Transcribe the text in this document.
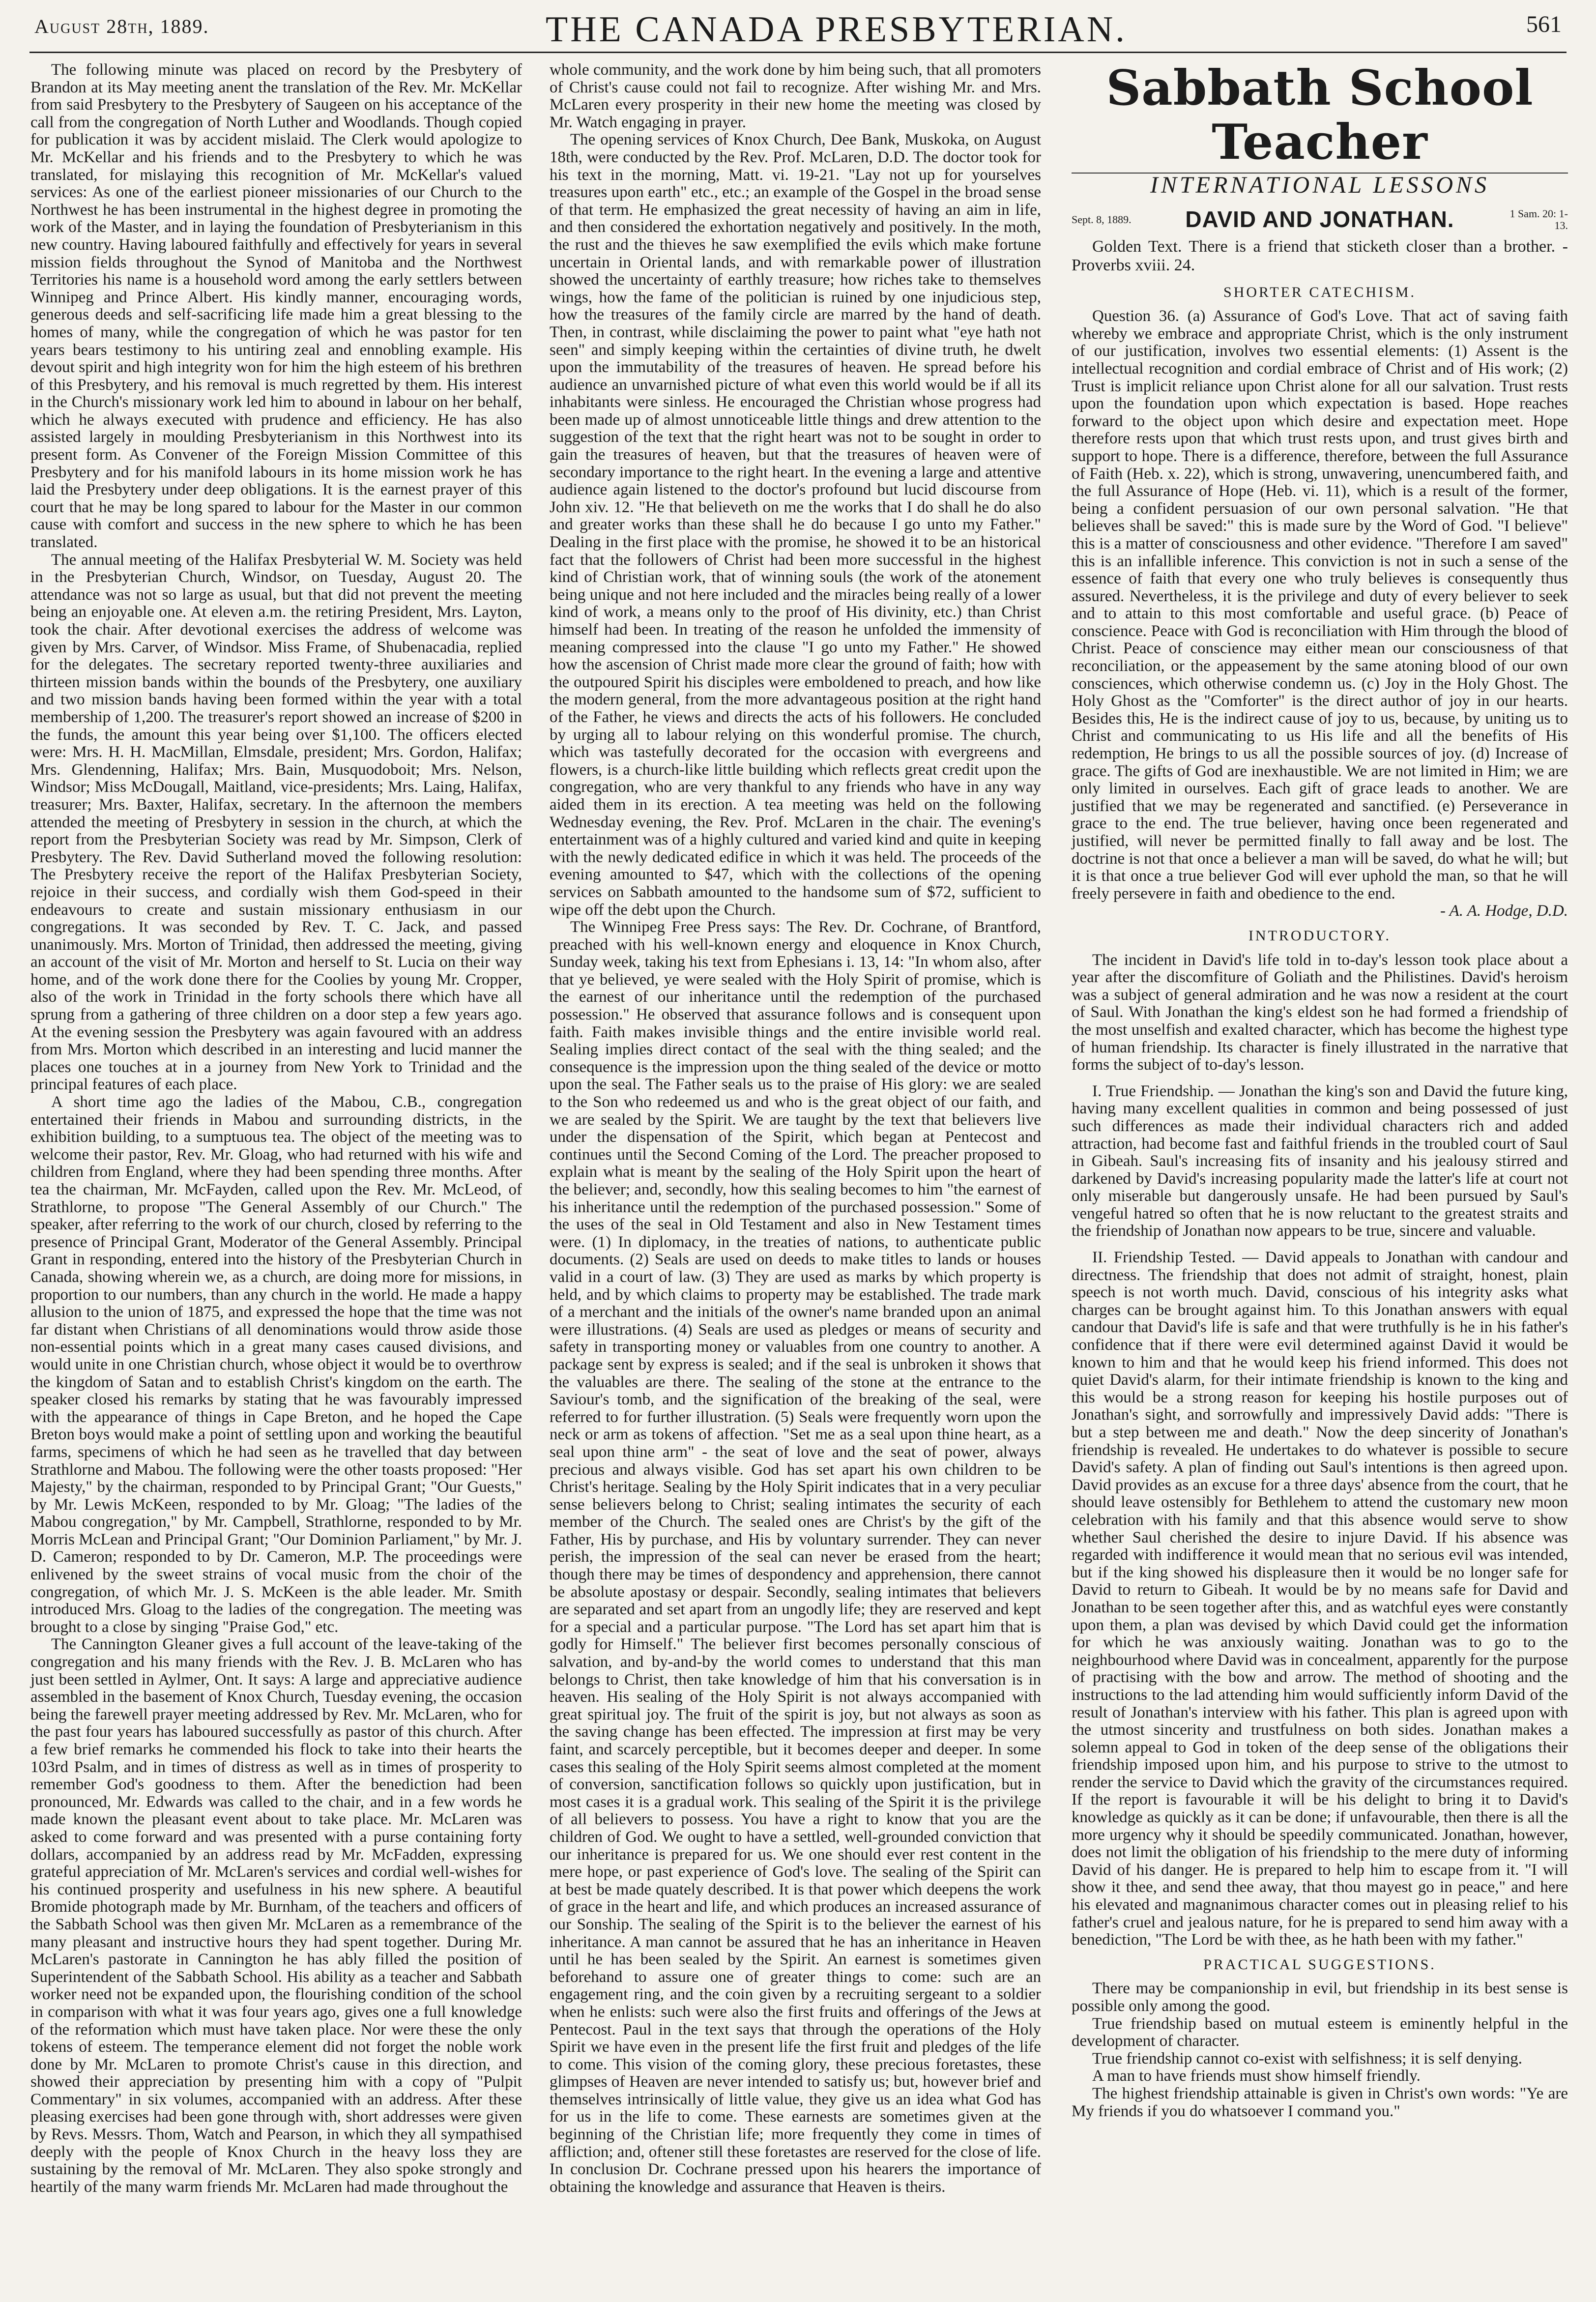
August 28th, 1889.	THE CANADA PRESBYTERIAN.	561

The following minute was placed on record by the Presbytery of Brandon at its May meeting anent the translation of the Rev. Mr. McKellar from said Presbytery to the Presbytery of Saugeen on his acceptance of the call from the congregation of North Luther and Woodlands. Though copied for publication it was by accident mislaid. The Clerk would apologize to Mr. McKellar and his friends and to the Presbytery to which he was translated, for mislaying this recognition of Mr. McKellar's valued services: As one of the earliest pioneer missionaries of our Church to the Northwest he has been instrumental in the highest degree in promoting the work of the Master, and in laying the foundation of Presbyterianism in this new country. Having laboured faithfully and effectively for years in several mission fields throughout the Synod of Manitoba and the Northwest Territories his name is a household word among the early settlers between Winnipeg and Prince Albert. His kindly manner, encouraging words, generous deeds and self-sacrificing life made him a great blessing to the homes of many, while the congregation of which he was pastor for ten years bears testimony to his untiring zeal and ennobling example. His devout spirit and high integrity won for him the high esteem of his brethren of this Presbytery, and his removal is much regretted by them. His interest in the Church's missionary work led him to abound in labour on her behalf, which he always executed with prudence and efficiency. He has also assisted largely in moulding Presbyterianism in this Northwest into its present form. As Convener of the Foreign Mission Committee of this Presbytery and for his manifold labours in its home mission work he has laid the Presbytery under deep obligations. It is the earnest prayer of this court that he may be long spared to labour for the Master in our common cause with comfort and success in the new sphere to which he has been translated.

The annual meeting of the Halifax Presbyterial W. M. Society was held in the Presbyterian Church, Windsor, on Tuesday, August 20. The attendance was not so large as usual, but that did not prevent the meeting being an enjoyable one. At eleven a.m. the retiring President, Mrs. Layton, took the chair. After devotional exercises the address of welcome was given by Mrs. Carver, of Windsor. Miss Frame, of Shubenacadia, replied for the delegates. The secretary reported twenty-three auxiliaries and thirteen mission bands within the bounds of the Presbytery, one auxiliary and two mission bands having been formed within the year with a total membership of 1,200. The treasurer's report showed an increase of $200 in the funds, the amount this year being over $1,100. The officers elected were: Mrs. H. H. MacMillan, Elmsdale, president; Mrs. Gordon, Halifax; Mrs. Glendenning, Halifax; Mrs. Bain, Musquodoboit; Mrs. Nelson, Windsor; Miss McDougall, Maitland, vice-presidents; Mrs. Laing, Halifax, treasurer; Mrs. Baxter, Halifax, secretary. In the afternoon the members attended the meeting of Presbytery in session in the church, at which the report from the Presbyterian Society was read by Mr. Simpson, Clerk of Presbytery. The Rev. David Sutherland moved the following resolution: The Presbytery receive the report of the Halifax Presbyterian Society, rejoice in their success, and cordially wish them God-speed in their endeavours to create and sustain missionary enthusiasm in our congregations. It was seconded by Rev. T. C. Jack, and passed unanimously. Mrs. Morton of Trinidad, then addressed the meeting, giving an account of the visit of Mr. Morton and herself to St. Lucia on their way home, and of the work done there for the Coolies by young Mr. Cropper, also of the work in Trinidad in the forty schools there which have all sprung from a gathering of three children on a door step a few years ago. At the evening session the Presbytery was again favoured with an address from Mrs. Morton which described in an interesting and lucid manner the places one touches at in a journey from New York to Trinidad and the principal features of each place.

A short time ago the ladies of the Mabou, C.B., congregation entertained their friends in Mabou and surrounding districts, in the exhibition building, to a sumptuous tea. The object of the meeting was to welcome their pastor, Rev. Mr. Gloag, who had returned with his wife and children from England, where they had been spending three months. After tea the chairman, Mr. McFayden, called upon the Rev. Mr. McLeod, of Strathlorne, to propose "The General Assembly of our Church." The speaker, after referring to the work of our church, closed by referring to the presence of Principal Grant, Moderator of the General Assembly. Principal Grant in responding, entered into the history of the Presbyterian Church in Canada, showing wherein we, as a church, are doing more for missions, in proportion to our numbers, than any church in the world. He made a happy allusion to the union of 1875, and expressed the hope that the time was not far distant when Christians of all denominations would throw aside those non-essential points which in a great many cases caused divisions, and would unite in one Christian church, whose object it would be to overthrow the kingdom of Satan and to establish Christ's kingdom on the earth. The speaker closed his remarks by stating that he was favourably impressed with the appearance of things in Cape Breton, and he hoped the Cape Breton boys would make a point of settling upon and working the beautiful farms, specimens of which he had seen as he travelled that day between Strathlorne and Mabou. The following were the other toasts proposed: "Her Majesty," by the chairman, responded to by Principal Grant; "Our Guests," by Mr. Lewis McKeen, responded to by Mr. Gloag; "The ladies of the Mabou congregation," by Mr. Campbell, Strathlorne, responded to by Mr. Morris McLean and Principal Grant; "Our Dominion Parliament," by Mr. J. D. Cameron; responded to by Dr. Cameron, M.P. The proceedings were enlivened by the sweet strains of vocal music from the choir of the congregation, of which Mr. J. S. McKeen is the able leader. Mr. Smith introduced Mrs. Gloag to the ladies of the congregation. The meeting was brought to a close by singing "Praise God," etc.

The Cannington Gleaner gives a full account of the leave-taking of the congregation and his many friends with the Rev. J. B. McLaren who has just been settled in Aylmer, Ont. It says: A large and appreciative audience assembled in the basement of Knox Church, Tuesday evening, the occasion being the farewell prayer meeting addressed by Rev. Mr. McLaren, who for the past four years has laboured successfully as pastor of this church. After a few brief remarks he commended his flock to take into their hearts the 103rd Psalm, and in times of distress as well as in times of prosperity to remember God's goodness to them. After the benediction had been pronounced, Mr. Edwards was called to the chair, and in a few words he made known the pleasant event about to take place. Mr. McLaren was asked to come forward and was presented with a purse containing forty dollars, accompanied by an address read by Mr. McFadden, expressing grateful appreciation of Mr. McLaren's services and cordial well-wishes for his continued prosperity and usefulness in his new sphere. A beautiful Bromide photograph made by Mr. Burnham, of the teachers and officers of the Sabbath School was then given Mr. McLaren as a remembrance of the many pleasant and instructive hours they had spent together. During Mr. McLaren's pastorate in Cannington he has ably filled the position of Superintendent of the Sabbath School. His ability as a teacher and Sabbath worker need not be expanded upon, the flourishing condition of the school in comparison with what it was four years ago, gives one a full knowledge of the reformation which must have taken place. Nor were these the only tokens of esteem. The temperance element did not forget the noble work done by Mr. McLaren to promote Christ's cause in this direction, and showed their appreciation by presenting him with a copy of "Pulpit Commentary" in six volumes, accompanied with an address. After these pleasing exercises had been gone through with, short addresses were given by Revs. Messrs. Thom, Watch and Pearson, in which they all sympathised deeply with the people of Knox Church in the heavy loss they are sustaining by the removal of Mr. McLaren. They also spoke strongly and heartily of the many warm friends Mr. McLaren had made throughout the

whole community, and the work done by him being such, that all promoters of Christ's cause could not fail to recognize. After wishing Mr. and Mrs. McLaren every prosperity in their new home the meeting was closed by Mr. Watch engaging in prayer.

The opening services of Knox Church, Dee Bank, Muskoka, on August 18th, were conducted by the Rev. Prof. McLaren, D.D. The doctor took for his text in the morning, Matt. vi. 19-21. "Lay not up for yourselves treasures upon earth" etc., etc.; an example of the Gospel in the broad sense of that term. He emphasized the great necessity of having an aim in life, and then considered the exhortation negatively and positively. In the moth, the rust and the thieves he saw exemplified the evils which make fortune uncertain in Oriental lands, and with remarkable power of illustration showed the uncertainty of earthly treasure; how riches take to themselves wings, how the fame of the politician is ruined by one injudicious step, how the treasures of the family circle are marred by the hand of death. Then, in contrast, while disclaiming the power to paint what "eye hath not seen" and simply keeping within the certainties of divine truth, he dwelt upon the immutability of the treasures of heaven. He spread before his audience an unvarnished picture of what even this world would be if all its inhabitants were sinless. He encouraged the Christian whose progress had been made up of almost unnoticeable little things and drew attention to the suggestion of the text that the right heart was not to be sought in order to gain the treasures of heaven, but that the treasures of heaven were of secondary importance to the right heart. In the evening a large and attentive audience again listened to the doctor's profound but lucid discourse from John xiv. 12. "He that believeth on me the works that I do shall he do also and greater works than these shall he do because I go unto my Father." Dealing in the first place with the promise, he showed it to be an historical fact that the followers of Christ had been more successful in the highest kind of Christian work, that of winning souls (the work of the atonement being unique and not here included and the miracles being really of a lower kind of work, a means only to the proof of His divinity, etc.) than Christ himself had been. In treating of the reason he unfolded the immensity of meaning compressed into the clause "I go unto my Father." He showed how the ascension of Christ made more clear the ground of faith; how with the outpoured Spirit his disciples were emboldened to preach, and how like the modern general, from the more advantageous position at the right hand of the Father, he views and directs the acts of his followers. He concluded by urging all to labour relying on this wonderful promise. The church, which was tastefully decorated for the occasion with evergreens and flowers, is a church-like little building which reflects great credit upon the congregation, who are very thankful to any friends who have in any way aided them in its erection. A tea meeting was held on the following Wednesday evening, the Rev. Prof. McLaren in the chair. The evening's entertainment was of a highly cultured and varied kind and quite in keeping with the newly dedicated edifice in which it was held. The proceeds of the evening amounted to $47, which with the collections of the opening services on Sabbath amounted to the handsome sum of $72, sufficient to wipe off the debt upon the Church.

The Winnipeg Free Press says: The Rev. Dr. Cochrane, of Brantford, preached with his well-known energy and eloquence in Knox Church, Sunday week, taking his text from Ephesians i. 13, 14: "In whom also, after that ye believed, ye were sealed with the Holy Spirit of promise, which is the earnest of our inheritance until the redemption of the purchased possession." He observed that assurance follows and is consequent upon faith. Faith makes invisible things and the entire invisible world real. Sealing implies direct contact of the seal with the thing sealed; and the consequence is the impression upon the thing sealed of the device or motto upon the seal. The Father seals us to the praise of His glory: we are sealed to the Son who redeemed us and who is the great object of our faith, and we are sealed by the Spirit. We are taught by the text that believers live under the dispensation of the Spirit, which began at Pentecost and continues until the Second Coming of the Lord. The preacher proposed to explain what is meant by the sealing of the Holy Spirit upon the heart of the believer; and, secondly, how this sealing becomes to him "the earnest of his inheritance until the redemption of the purchased possession." Some of the uses of the seal in Old Testament and also in New Testament times were. (1) In diplomacy, in the treaties of nations, to authenticate public documents. (2) Seals are used on deeds to make titles to lands or houses valid in a court of law. (3) They are used as marks by which property is held, and by which claims to property may be established. The trade mark of a merchant and the initials of the owner's name branded upon an animal were illustrations. (4) Seals are used as pledges or means of security and safety in transporting money or valuables from one country to another. A package sent by express is sealed; and if the seal is unbroken it shows that the valuables are there. The sealing of the stone at the entrance to the Saviour's tomb, and the signification of the breaking of the seal, were referred to for further illustration. (5) Seals were frequently worn upon the neck or arm as tokens of affection. "Set me as a seal upon thine heart, as a seal upon thine arm" - the seat of love and the seat of power, always precious and always visible. God has set apart his own children to be Christ's heritage. Sealing by the Holy Spirit indicates that in a very peculiar sense believers belong to Christ; sealing intimates the security of each member of the Church. The sealed ones are Christ's by the gift of the Father, His by purchase, and His by voluntary surrender. They can never perish, the impression of the seal can never be erased from the heart; though there may be times of despondency and apprehension, there cannot be absolute apostasy or despair. Secondly, sealing intimates that believers are separated and set apart from an ungodly life; they are reserved and kept for a special and a particular purpose. "The Lord has set apart him that is godly for Himself." The believer first becomes personally conscious of salvation, and by-and-by the world comes to understand that this man belongs to Christ, then take knowledge of him that his conversation is in heaven. His sealing of the Holy Spirit is not always accompanied with great spiritual joy. The fruit of the spirit is joy, but not always as soon as the saving change has been effected. The impression at first may be very faint, and scarcely perceptible, but it becomes deeper and deeper. In some cases this sealing of the Holy Spirit seems almost completed at the moment of conversion, sanctification follows so quickly upon justification, but in most cases it is a gradual work. This sealing of the Spirit it is the privilege of all believers to possess. You have a right to know that you are the children of God. We ought to have a settled, well-grounded conviction that our inheritance is prepared for us. We one should ever rest content in the mere hope, or past experience of God's love. The sealing of the Spirit can at best be made quately described. It is that power which deepens the work of grace in the heart and life, and which produces an increased assurance of our Sonship. The sealing of the Spirit is to the believer the earnest of his inheritance. A man cannot be assured that he has an inheritance in Heaven until he has been sealed by the Spirit. An earnest is sometimes given beforehand to assure one of greater things to come: such are an engagement ring, and the coin given by a recruiting sergeant to a soldier when he enlists: such were also the first fruits and offerings of the Jews at Pentecost. Paul in the text says that through the operations of the Holy Spirit we have even in the present life the first fruit and pledges of the life to come. This vision of the coming glory, these precious foretastes, these glimpses of Heaven are never intended to satisfy us; but, however brief and themselves intrinsically of little value, they give us an idea what God has for us in the life to come. These earnests are sometimes given at the beginning of the Christian life; more frequently they come in times of affliction; and, oftener still these foretastes are reserved for the close of life. In conclusion Dr. Cochrane pressed upon his hearers the importance of obtaining the knowledge and assurance that Heaven is theirs.

Sabbath School Teacher
INTERNATIONAL LESSONS
Sept. 8, 1889.	DAVID AND JONATHAN.	1 Sam. 20: 1-13.

Golden Text. There is a friend that sticketh closer than a brother. - Proverbs xviii. 24.

SHORTER CATECHISM.

Question 36. (a) Assurance of God's Love. That act of saving faith whereby we embrace and appropriate Christ, which is the only instrument of our justification, involves two essential elements: (1) Assent is the intellectual recognition and cordial embrace of Christ and of His work; (2) Trust is implicit reliance upon Christ alone for all our salvation. Trust rests upon the foundation upon which expectation is based. Hope reaches forward to the object upon which desire and expectation meet. Hope therefore rests upon that which trust rests upon, and trust gives birth and support to hope. There is a difference, therefore, between the full Assurance of Faith (Heb. x. 22), which is strong, unwavering, unencumbered faith, and the full Assurance of Hope (Heb. vi. 11), which is a result of the former, being a confident persuasion of our own personal salvation. "He that believes shall be saved:" this is made sure by the Word of God. "I believe" this is a matter of consciousness and other evidence. "Therefore I am saved" this is an infallible inference. This conviction is not in such a sense of the essence of faith that every one who truly believes is consequently thus assured. Nevertheless, it is the privilege and duty of every believer to seek and to attain to this most comfortable and useful grace. (b) Peace of conscience. Peace with God is reconciliation with Him through the blood of Christ. Peace of conscience may either mean our consciousness of that reconciliation, or the appeasement by the same atoning blood of our own consciences, which otherwise condemn us. (c) Joy in the Holy Ghost. The Holy Ghost as the "Comforter" is the direct author of joy in our hearts. Besides this, He is the indirect cause of joy to us, because, by uniting us to Christ and communicating to us His life and all the benefits of His redemption, He brings to us all the possible sources of joy. (d) Increase of grace. The gifts of God are inexhaustible. We are not limited in Him; we are only limited in ourselves. Each gift of grace leads to another. We are justified that we may be regenerated and sanctified. (e) Perseverance in grace to the end. The true believer, having once been regenerated and justified, will never be permitted finally to fall away and be lost. The doctrine is not that once a believer a man will be saved, do what he will; but it is that once a true believer God will ever uphold the man, so that he will freely persevere in faith and obedience to the end.

- A. A. Hodge, D.D.

INTRODUCTORY.

The incident in David's life told in to-day's lesson took place about a year after the discomfiture of Goliath and the Philistines. David's heroism was a subject of general admiration and he was now a resident at the court of Saul. With Jonathan the king's eldest son he had formed a friendship of the most unselfish and exalted character, which has become the highest type of human friendship. Its character is finely illustrated in the narrative that forms the subject of to-day's lesson.

I. True Friendship. — Jonathan the king's son and David the future king, having many excellent qualities in common and being possessed of just such differences as made their individual characters rich and added attraction, had become fast and faithful friends in the troubled court of Saul in Gibeah. Saul's increasing fits of insanity and his jealousy stirred and darkened by David's increasing popularity made the latter's life at court not only miserable but dangerously unsafe. He had been pursued by Saul's vengeful hatred so often that he is now reluctant to the greatest straits and the friendship of Jonathan now appears to be true, sincere and valuable.

II. Friendship Tested. — David appeals to Jonathan with candour and directness. The friendship that does not admit of straight, honest, plain speech is not worth much. David, conscious of his integrity asks what charges can be brought against him. To this Jonathan answers with equal candour that David's life is safe and that were truthfully is he in his father's confidence that if there were evil determined against David it would be known to him and that he would keep his friend informed. This does not quiet David's alarm, for their intimate friendship is known to the king and this would be a strong reason for keeping his hostile purposes out of Jonathan's sight, and sorrowfully and impressively David adds: "There is but a step between me and death." Now the deep sincerity of Jonathan's friendship is revealed. He undertakes to do whatever is possible to secure David's safety. A plan of finding out Saul's intentions is then agreed upon. David provides as an excuse for a three days' absence from the court, that he should leave ostensibly for Bethlehem to attend the customary new moon celebration with his family and that this absence would serve to show whether Saul cherished the desire to injure David. If his absence was regarded with indifference it would mean that no serious evil was intended, but if the king showed his displeasure then it would be no longer safe for David to return to Gibeah. It would be by no means safe for David and Jonathan to be seen together after this, and as watchful eyes were constantly upon them, a plan was devised by which David could get the information for which he was anxiously waiting. Jonathan was to go to the neighbourhood where David was in concealment, apparently for the purpose of practising with the bow and arrow. The method of shooting and the instructions to the lad attending him would sufficiently inform David of the result of Jonathan's interview with his father. This plan is agreed upon with the utmost sincerity and trustfulness on both sides. Jonathan makes a solemn appeal to God in token of the deep sense of the obligations their friendship imposed upon him, and his purpose to strive to the utmost to render the service to David which the gravity of the circumstances required. If the report is favourable it will be his delight to bring it to David's knowledge as quickly as it can be done; if unfavourable, then there is all the more urgency why it should be speedily communicated. Jonathan, however, does not limit the obligation of his friendship to the mere duty of informing David of his danger. He is prepared to help him to escape from it. "I will show it thee, and send thee away, that thou mayest go in peace," and here his elevated and magnanimous character comes out in pleasing relief to his father's cruel and jealous nature, for he is prepared to send him away with a benediction, "The Lord be with thee, as he hath been with my father."

PRACTICAL SUGGESTIONS.

There may be companionship in evil, but friendship in its best sense is possible only among the good.

True friendship based on mutual esteem is eminently helpful in the development of character.

True friendship cannot co-exist with selfishness; it is self denying.

A man to have friends must show himself friendly.

The highest friendship attainable is given in Christ's own words: "Ye are My friends if you do whatsoever I command you."
